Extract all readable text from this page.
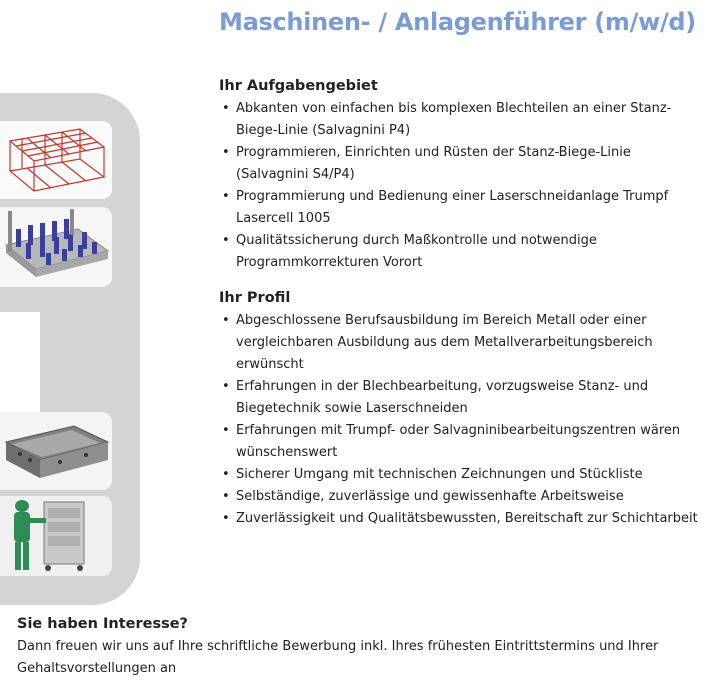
Maschinen- / Anlagenführer (m/w/d)
Ihr Aufgabengebiet
• Abkanten von einfachen bis komplexen Blechteilen an einer Stanz-Biege-Linie (Salvagnini P4)
• Programmieren, Einrichten und Rüsten der Stanz-Biege-Linie (Salvagnini S4/P4)
• Programmierung und Bedienung einer Laserschneidanlage Trumpf Lasercell 1005
• Qualitätssicherung durch Maßkontrolle und notwendige Programmkorrekturen Vorort
Ihr Profil
• Abgeschlossene Berufsausbildung im Bereich Metall oder einer vergleichbaren Ausbildung aus dem Metallverarbeitungsbereich erwünscht
• Erfahrungen in der Blechbearbeitung, vorzugsweise Stanz- und Biegetechnik sowie Laserschneiden
• Erfahrungen mit Trumpf- oder Salvagninibearbeitungszentren wären wünschenswert
• Sicherer Umgang mit technischen Zeichnungen und Stückliste
• Selbständige, zuverlässige und gewissenhafte Arbeitsweise
• Zuverlässigkeit und Qualitätsbewussten, Bereitschaft zur Schichtarbeit
Sie haben Interesse?

Dann freuen wir uns auf Ihre schriftliche Bewerbung inkl. Ihres frühesten Eintrittstermins und Ihrer Gehaltsvorstellungen an
